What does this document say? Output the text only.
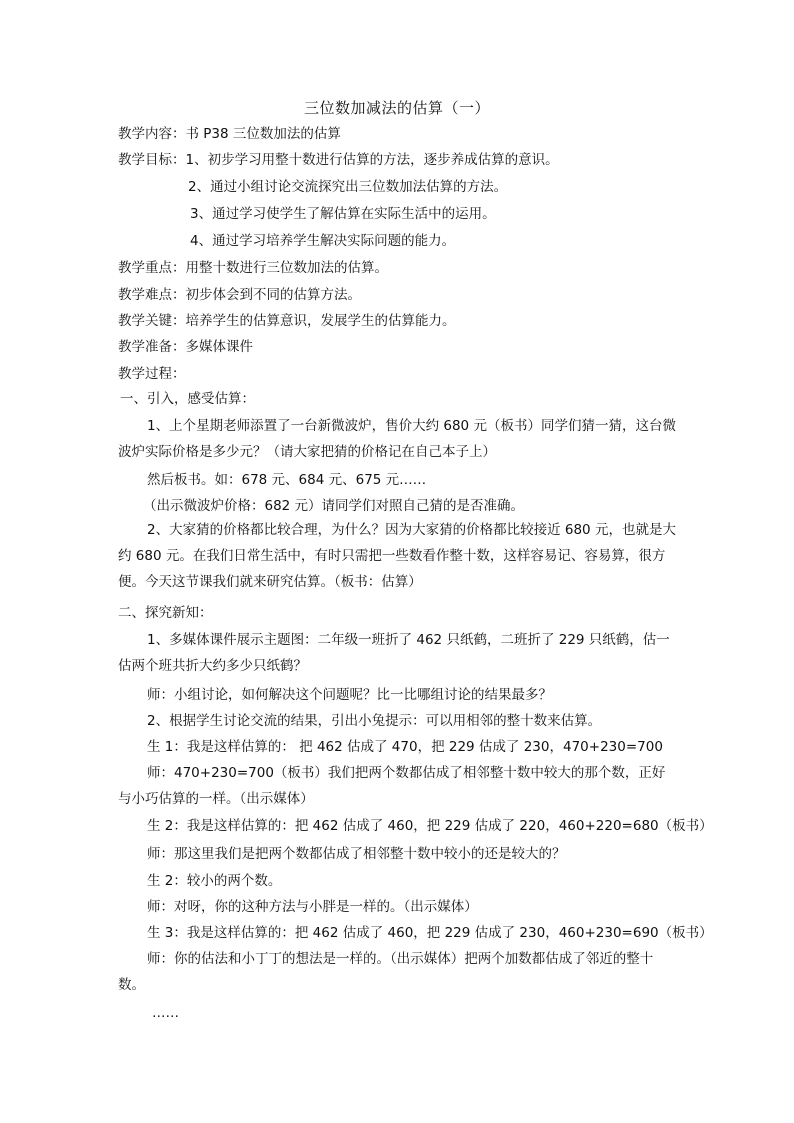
三位数加减法的估算（一）
教学内容：书 P38 三位数加法的估算
教学目标：1、初步学习用整十数进行估算的方法，逐步养成估算的意识。
2、通过小组讨论交流探究出三位数加法估算的方法。
3、通过学习使学生了解估算在实际生活中的运用。
4、通过学习培养学生解决实际问题的能力。
教学重点：用整十数进行三位数加法的估算。
教学难点：初步体会到不同的估算方法。
教学关键：培养学生的估算意识，发展学生的估算能力。
教学准备：多媒体课件
教学过程：
一、引入，感受估算：
1、上个星期老师添置了一台新微波炉，售价大约 680 元（板书）同学们猜一猜，这台微波炉实际价格是多少元？（请大家把猜的价格记在自己本子上）
然后板书。如：678 元、684 元、675 元……
（出示微波炉价格：682 元）请同学们对照自己猜的是否准确。
2、大家猜的价格都比较合理，为什么？因为大家猜的价格都比较接近 680 元，也就是大约 680 元。在我们日常生活中，有时只需把一些数看作整十数，这样容易记、容易算，很方便。今天这节课我们就来研究估算。（板书：估算）
二、探究新知：
1、多媒体课件展示主题图：二年级一班折了 462 只纸鹤，二班折了 229 只纸鹤，估一估两个班共折大约多少只纸鹤？
师：小组讨论，如何解决这个问题呢？比一比哪组讨论的结果最多？
2、根据学生讨论交流的结果，引出小兔提示：可以用相邻的整十数来估算。
生 1：我是这样估算的： 把 462 估成了 470，把 229 估成了 230，470+230=700
师：470+230=700（板书）我们把两个数都估成了相邻整十数中较大的那个数，正好与小巧估算的一样。（出示媒体）
生 2：我是这样估算的：把 462 估成了 460，把 229 估成了 220，460+220=680（板书）
师：那这里我们是把两个数都估成了相邻整十数中较小的还是较大的？
生 2：较小的两个数。
师：对呀，你的这种方法与小胖是一样的。（出示媒体）
生 3：我是这样估算的：把 462 估成了 460，把 229 估成了 230，460+230=690（板书）
师：你的估法和小丁丁的想法是一样的。（出示媒体）把两个加数都估成了邻近的整十数。
……
